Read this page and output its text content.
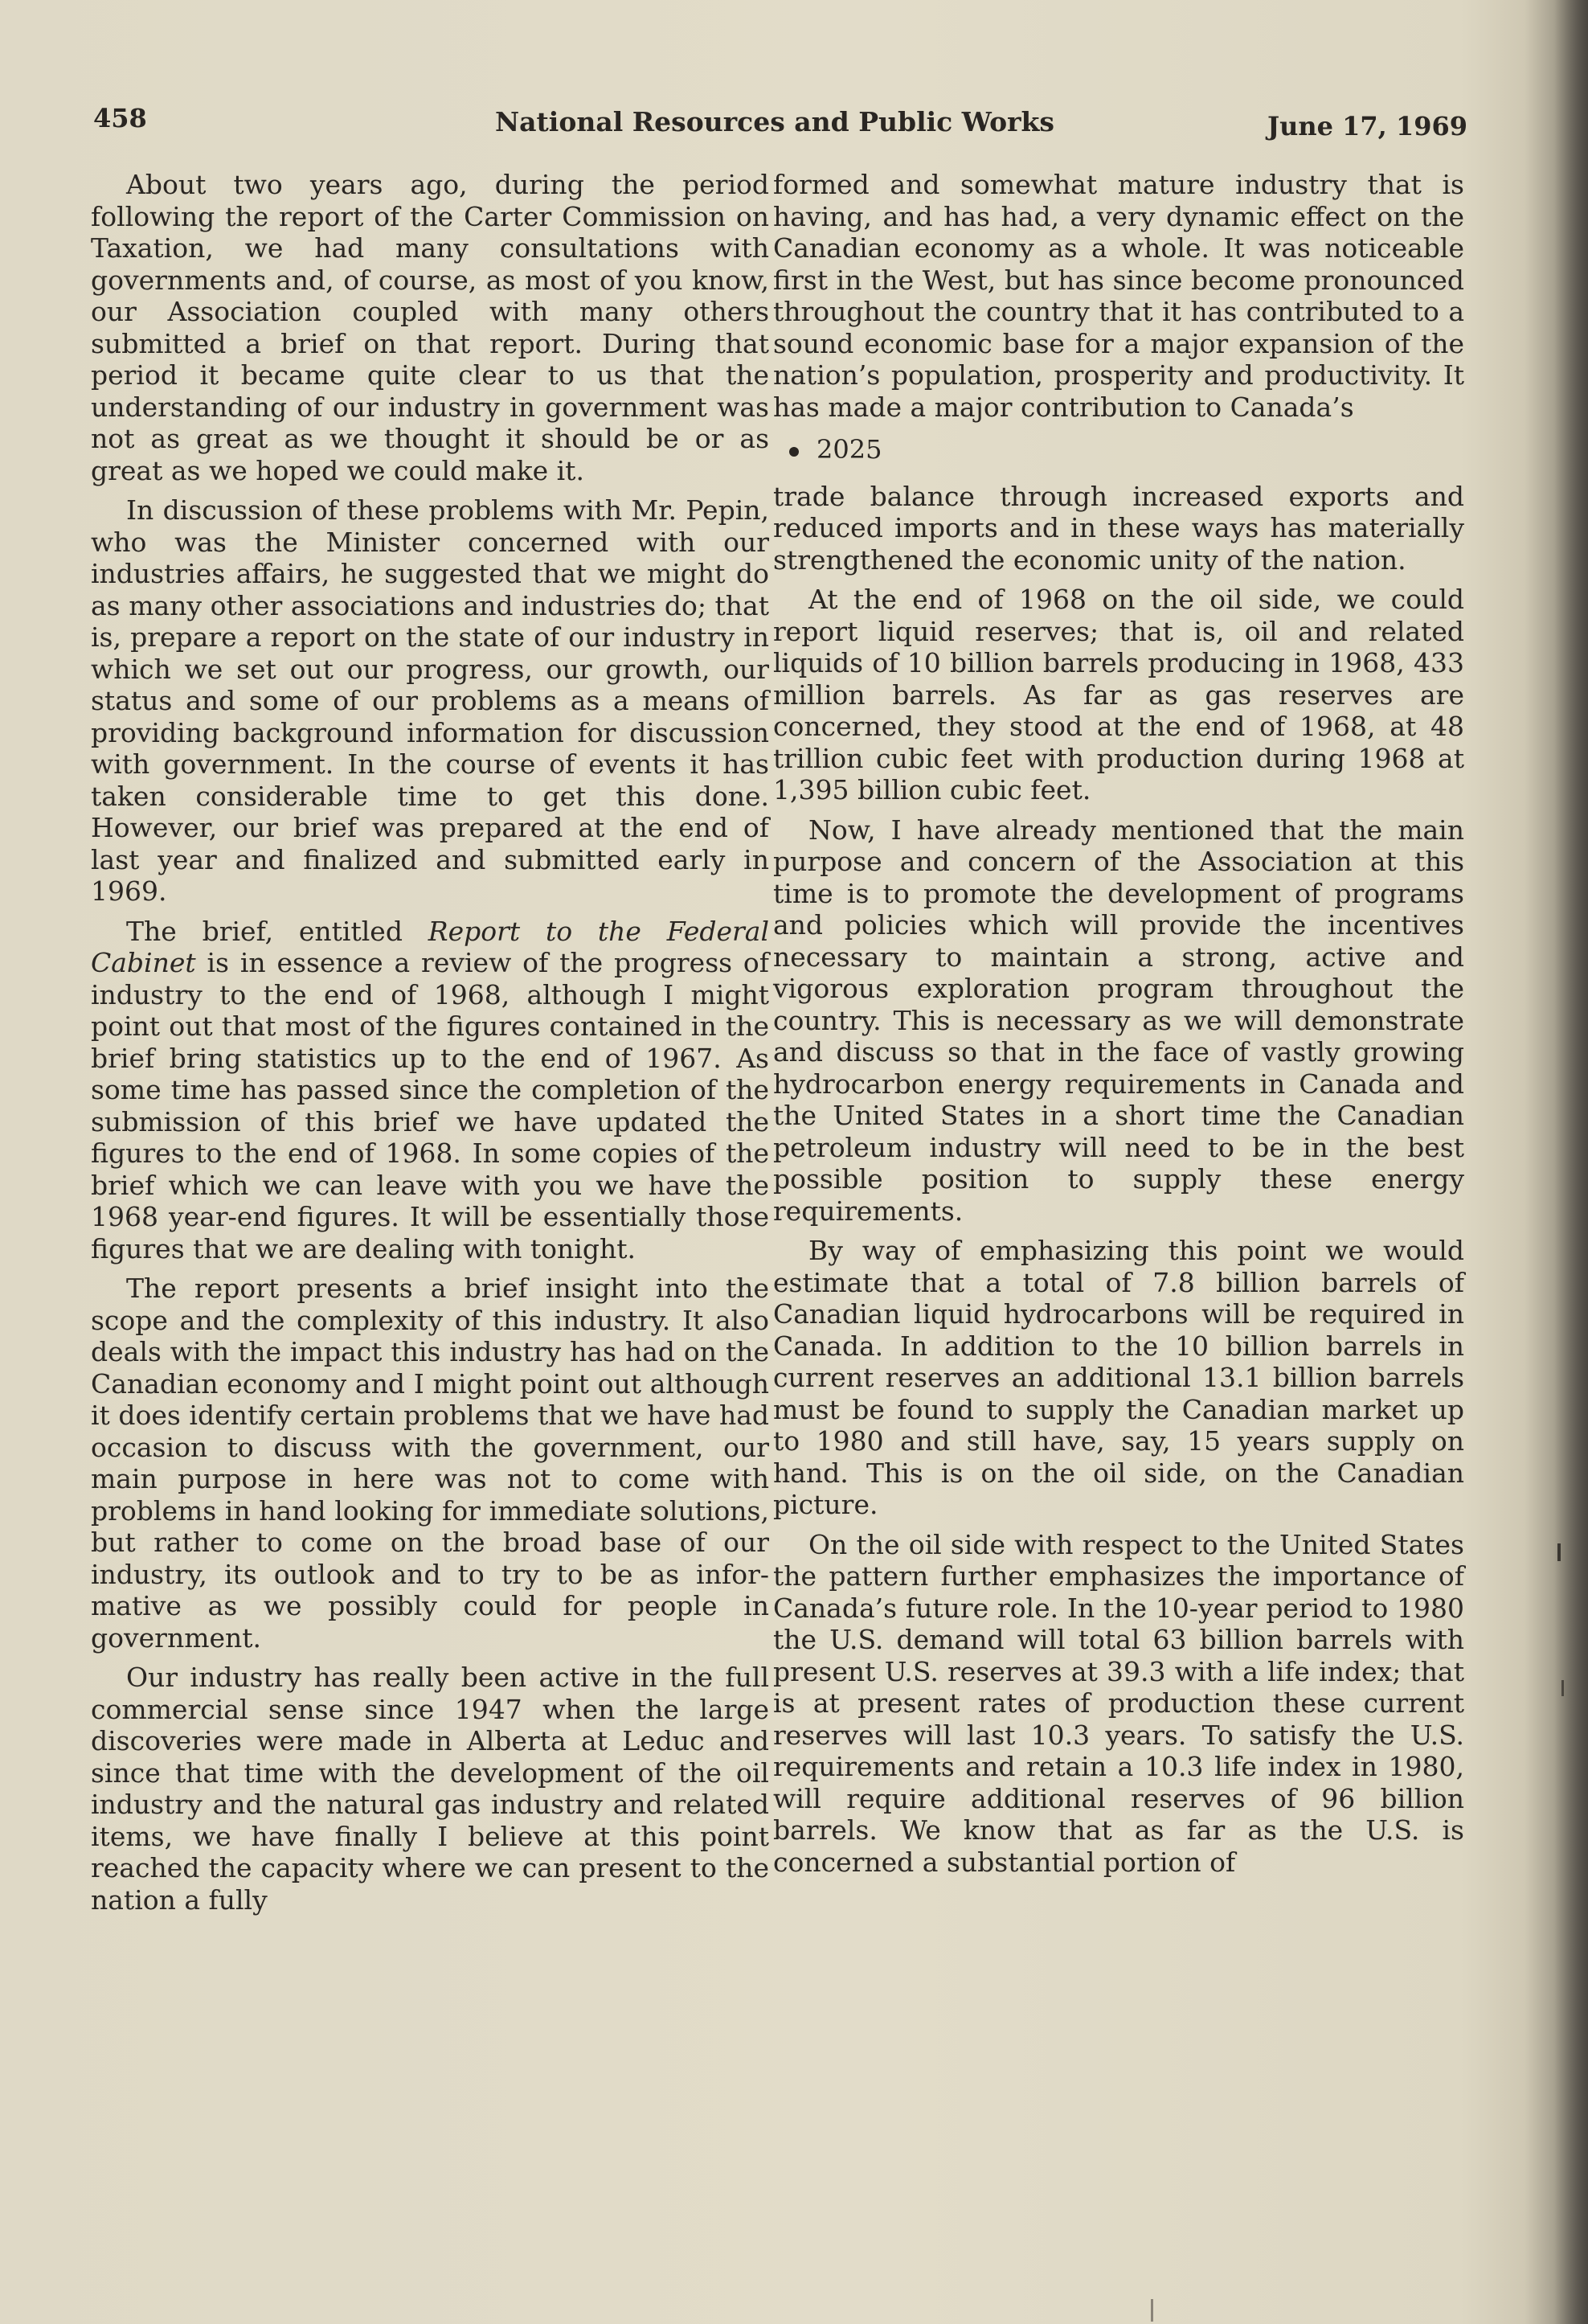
458	National Resources and Public Works	June 17, 1969

About two years ago, during the period following the report of the Carter Commission on Taxation, we had many consultations with governments and, of course, as most of you know, our Association coupled with many others submitted a brief on that report. During that period it became quite clear to us that the understanding of our industry in government was not as great as we thought it should be or as great as we hoped we could make it.

In discussion of these problems with Mr. Pepin, who was the Minister concerned with our industries affairs, he suggested that we might do as many other associations and industries do; that is, prepare a report on the state of our industry in which we set out our progress, our growth, our status and some of our problems as a means of providing background information for discussion with government. In the course of events it has taken considerable time to get this done. However, our brief was prepared at the end of last year and finalized and submitted early in 1969.

The brief, entitled Report to the Federal Cabinet is in essence a review of the progress of industry to the end of 1968, although I might point out that most of the figures contained in the brief bring statistics up to the end of 1967. As some time has passed since the completion of the submission of this brief we have updated the figures to the end of 1968. In some copies of the brief which we can leave with you we have the 1968 year-end figures. It will be essentially those figures that we are dealing with tonight.

The report presents a brief insight into the scope and the complexity of this industry. It also deals with the impact this industry has had on the Canadian economy and I might point out although it does identify certain problems that we have had occasion to discuss with the government, our main purpose in here was not to come with problems in hand looking for immediate solutions, but rather to come on the broad base of our industry, its outlook and to try to be as informative as we possibly could for people in government.

Our industry has really been active in the full commercial sense since 1947 when the large discoveries were made in Alberta at Leduc and since that time with the development of the oil industry and the natural gas industry and related items, we have finally I believe at this point reached the capacity where we can present to the nation a fully

formed and somewhat mature industry that is having, and has had, a very dynamic effect on the Canadian economy as a whole. It was noticeable first in the West, but has since become pronounced throughout the country that it has contributed to a sound economic base for a major expansion of the nation’s population, prosperity and productivity. It has made a major contribution to Canada’s

2025

trade balance through increased exports and reduced imports and in these ways has materially strengthened the economic unity of the nation.

At the end of 1968 on the oil side, we could report liquid reserves; that is, oil and related liquids of 10 billion barrels producing in 1968, 433 million barrels. As far as gas reserves are concerned, they stood at the end of 1968, at 48 trillion cubic feet with production during 1968 at 1,395 billion cubic feet.

Now, I have already mentioned that the main purpose and concern of the Association at this time is to promote the development of programs and policies which will provide the incentives necessary to maintain a strong, active and vigorous exploration program throughout the country. This is necessary as we will demonstrate and discuss so that in the face of vastly growing hydrocarbon energy requirements in Canada and the United States in a short time the Canadian petroleum industry will need to be in the best possible position to supply these energy requirements.

By way of emphasizing this point we would estimate that a total of 7.8 billion barrels of Canadian liquid hydrocarbons will be required in Canada. In addition to the 10 billion barrels in current reserves an additional 13.1 billion barrels must be found to supply the Canadian market up to 1980 and still have, say, 15 years supply on hand. This is on the oil side, on the Canadian picture.

On the oil side with respect to the United States the pattern further emphasizes the importance of Canada’s future role. In the 10-year period to 1980 the U.S. demand will total 63 billion barrels with present U.S. reserves at 39.3 with a life index; that is at present rates of production these current reserves will last 10.3 years. To satisfy the U.S. requirements and retain a 10.3 life index in 1980, will require additional reserves of 96 billion barrels. We know that as far as the U.S. is concerned a substantial portion of
